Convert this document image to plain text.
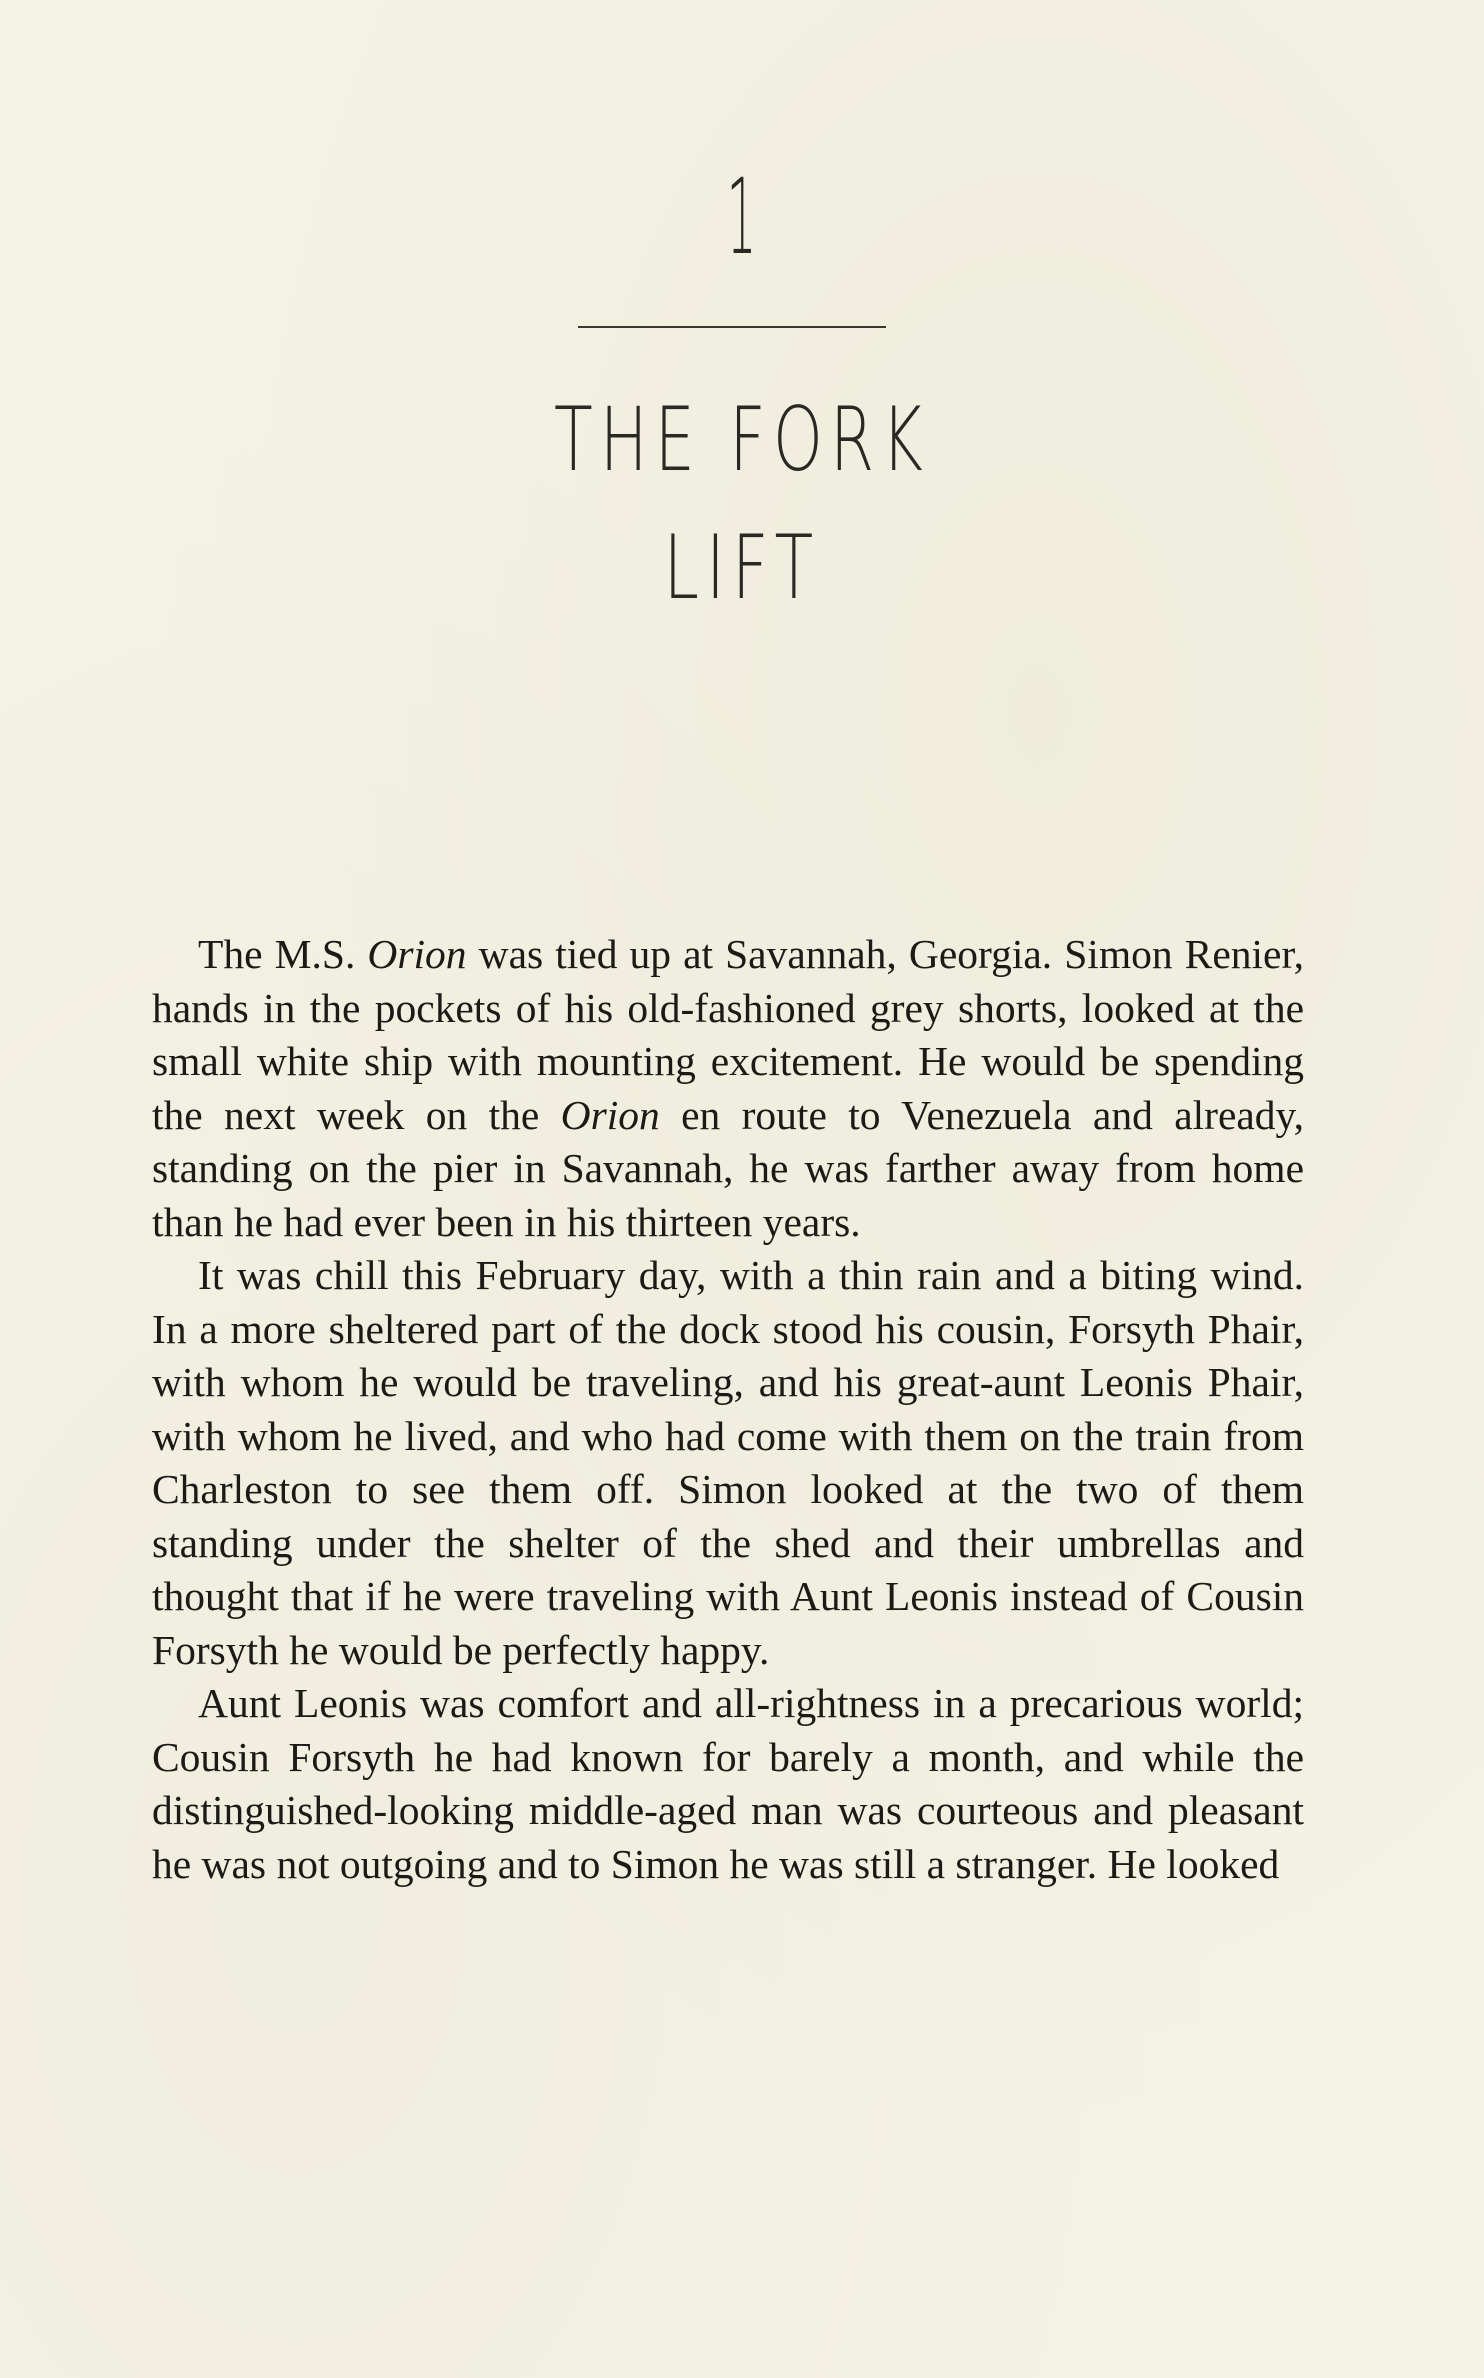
1
THE FORK
LIFT

The M.S. Orion was tied up at Savannah, Georgia. Simon Renier, hands in the pockets of his old-fashioned grey shorts, looked at the small white ship with mounting excitement. He would be spending the next week on the Orion en route to Venezuela and already, standing on the pier in Savannah, he was farther away from home than he had ever been in his thirteen years.

It was chill this February day, with a thin rain and a biting wind. In a more sheltered part of the dock stood his cousin, Forsyth Phair, with whom he would be traveling, and his great-aunt Leonis Phair, with whom he lived, and who had come with them on the train from Charleston to see them off. Simon looked at the two of them standing under the shelter of the shed and their umbrellas and thought that if he were traveling with Aunt Leonis instead of Cousin Forsyth he would be perfectly happy.

Aunt Leonis was comfort and all-rightness in a precarious world; Cousin Forsyth he had known for barely a month, and while the distinguished-looking middle-aged man was courteous and pleasant he was not outgoing and to Simon he was still a stranger. He looked
